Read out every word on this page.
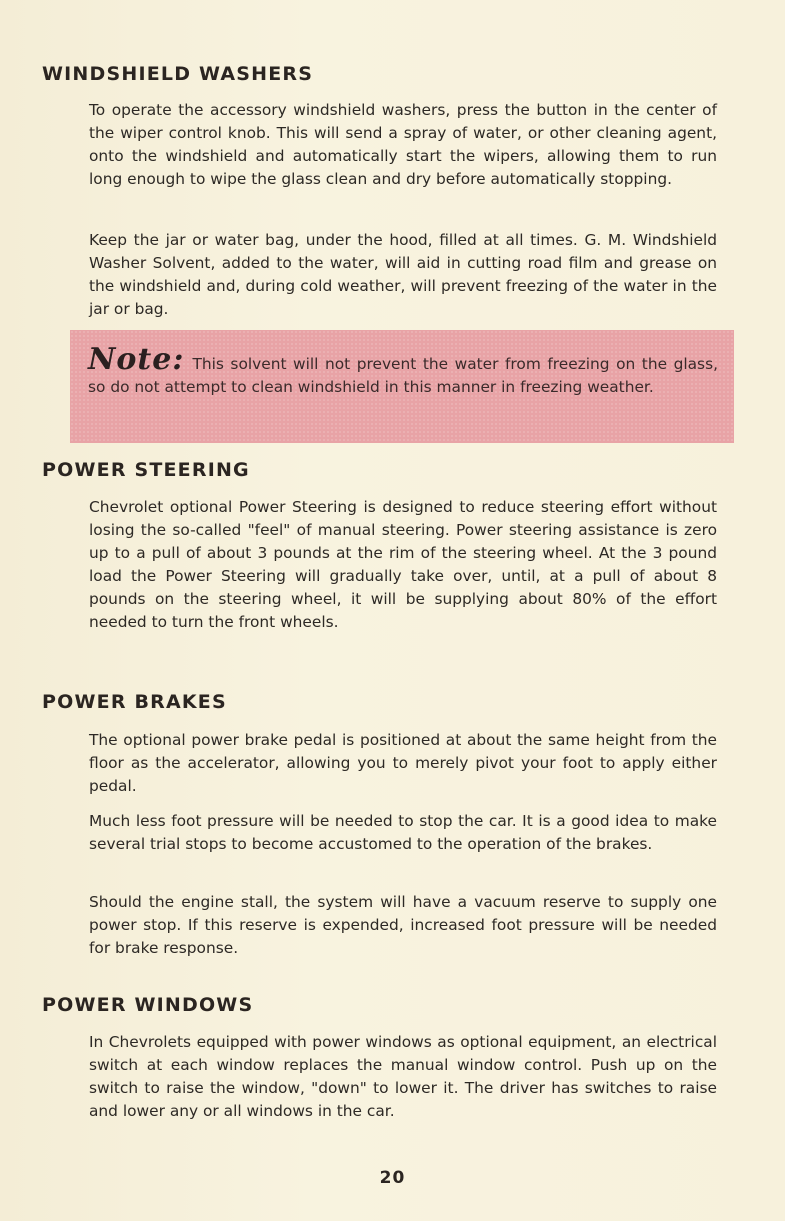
WINDSHIELD WASHERS

To operate the accessory windshield washers, press the button in the center of the wiper control knob. This will send a spray of water, or other cleaning agent, onto the windshield and automatically start the wipers, allowing them to run long enough to wipe the glass clean and dry before automatically stopping.

Keep the jar or water bag, under the hood, filled at all times. G. M. Windshield Washer Solvent, added to the water, will aid in cutting road film and grease on the windshield and, during cold weather, will prevent freezing of the water in the jar or bag.

Note: This solvent will not prevent the water from freezing on the glass, so do not attempt to clean windshield in this manner in freezing weather.

POWER STEERING

Chevrolet optional Power Steering is designed to reduce steering effort without losing the so-called "feel" of manual steering. Power steering assistance is zero up to a pull of about 3 pounds at the rim of the steering wheel. At the 3 pound load the Power Steering will gradually take over, until, at a pull of about 8 pounds on the steering wheel, it will be supplying about 80% of the effort needed to turn the front wheels.

POWER BRAKES

The optional power brake pedal is positioned at about the same height from the floor as the accelerator, allowing you to merely pivot your foot to apply either pedal.

Much less foot pressure will be needed to stop the car. It is a good idea to make several trial stops to become accustomed to the operation of the brakes.

Should the engine stall, the system will have a vacuum reserve to supply one power stop. If this reserve is expended, increased foot pressure will be needed for brake response.

POWER WINDOWS

In Chevrolets equipped with power windows as optional equipment, an electrical switch at each window replaces the manual window control. Push up on the switch to raise the window, "down" to lower it. The driver has switches to raise and lower any or all windows in the car.

20
